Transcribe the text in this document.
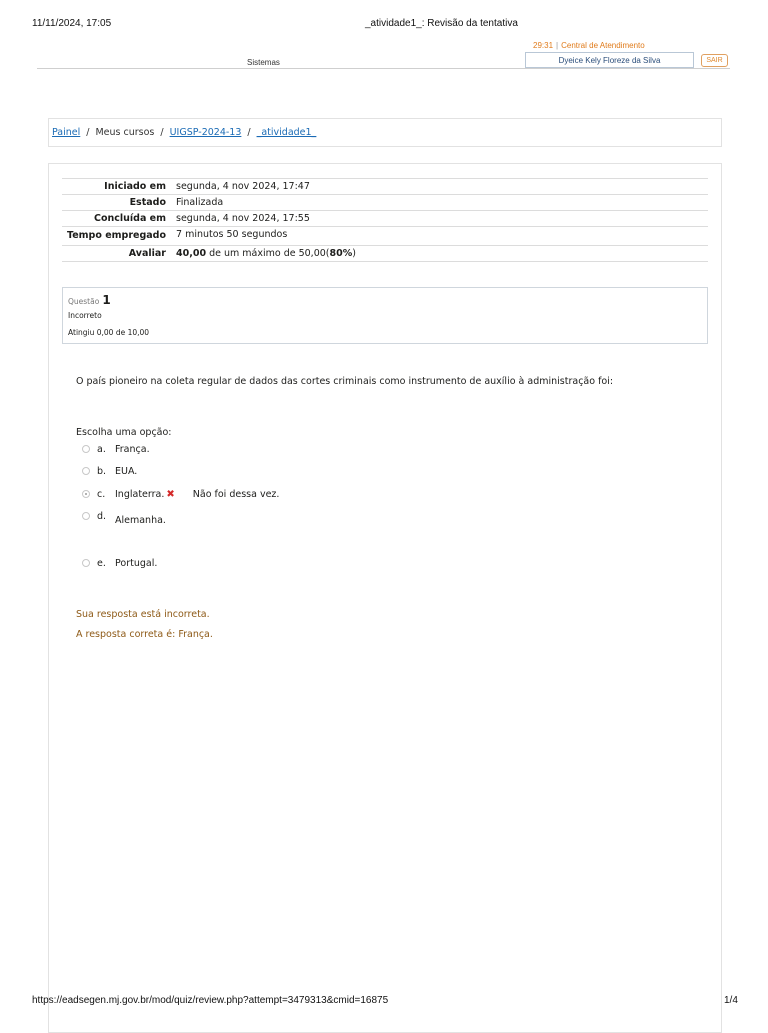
11/11/2024, 17:05	_atividade1_: Revisão da tentativa
29:31 | Central de Atendimento
Sistemas	Dyeice Kely Floreze da Silva	SAIR
Painel / Meus cursos / UIGSP-2024-13 / _atividade1_
Iniciado em	segunda, 4 nov 2024, 17:47
Estado	Finalizada
Concluída em	segunda, 4 nov 2024, 17:55
Tempo empregado	7 minutos 50 segundos
Avaliar	40,00 de um máximo de 50,00(80%)
Questão 1
Incorreto
Atingiu 0,00 de 10,00
O país pioneiro na coleta regular de dados das cortes criminais como instrumento de auxílio à administração foi:
Escolha uma opção:
a. França.
b. EUA.
c. Inglaterra. ✖ Não foi dessa vez.
d. Alemanha.
e. Portugal.
Sua resposta está incorreta.
A resposta correta é: França.
https://eadsegen.mj.gov.br/mod/quiz/review.php?attempt=3479313&cmid=16875	1/4
